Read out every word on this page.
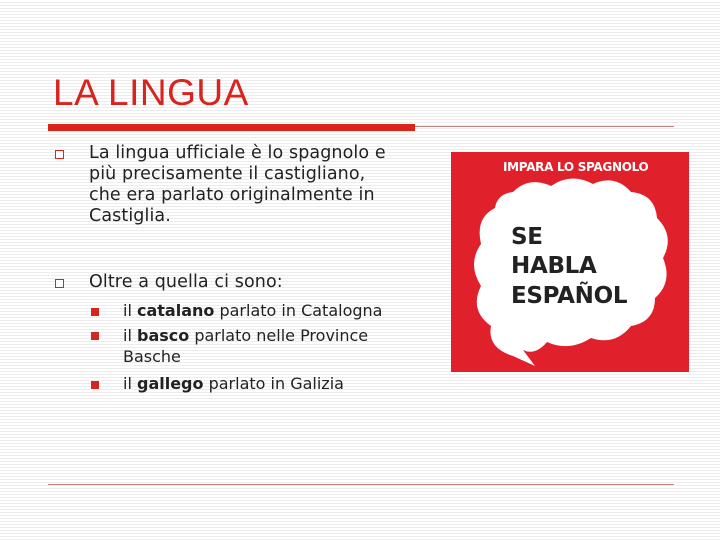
LA LINGUA
La lingua ufficiale è lo spagnolo e
più precisamente il castigliano,
che era parlato originalmente in
Castiglia.
Oltre a quella ci sono:
il catalano parlato in Catalogna
il basco parlato nelle Province
Basche
il gallego parlato in Galizia
IMPARA LO SPAGNOLO
SE
HABLA
ESPAÑOL
